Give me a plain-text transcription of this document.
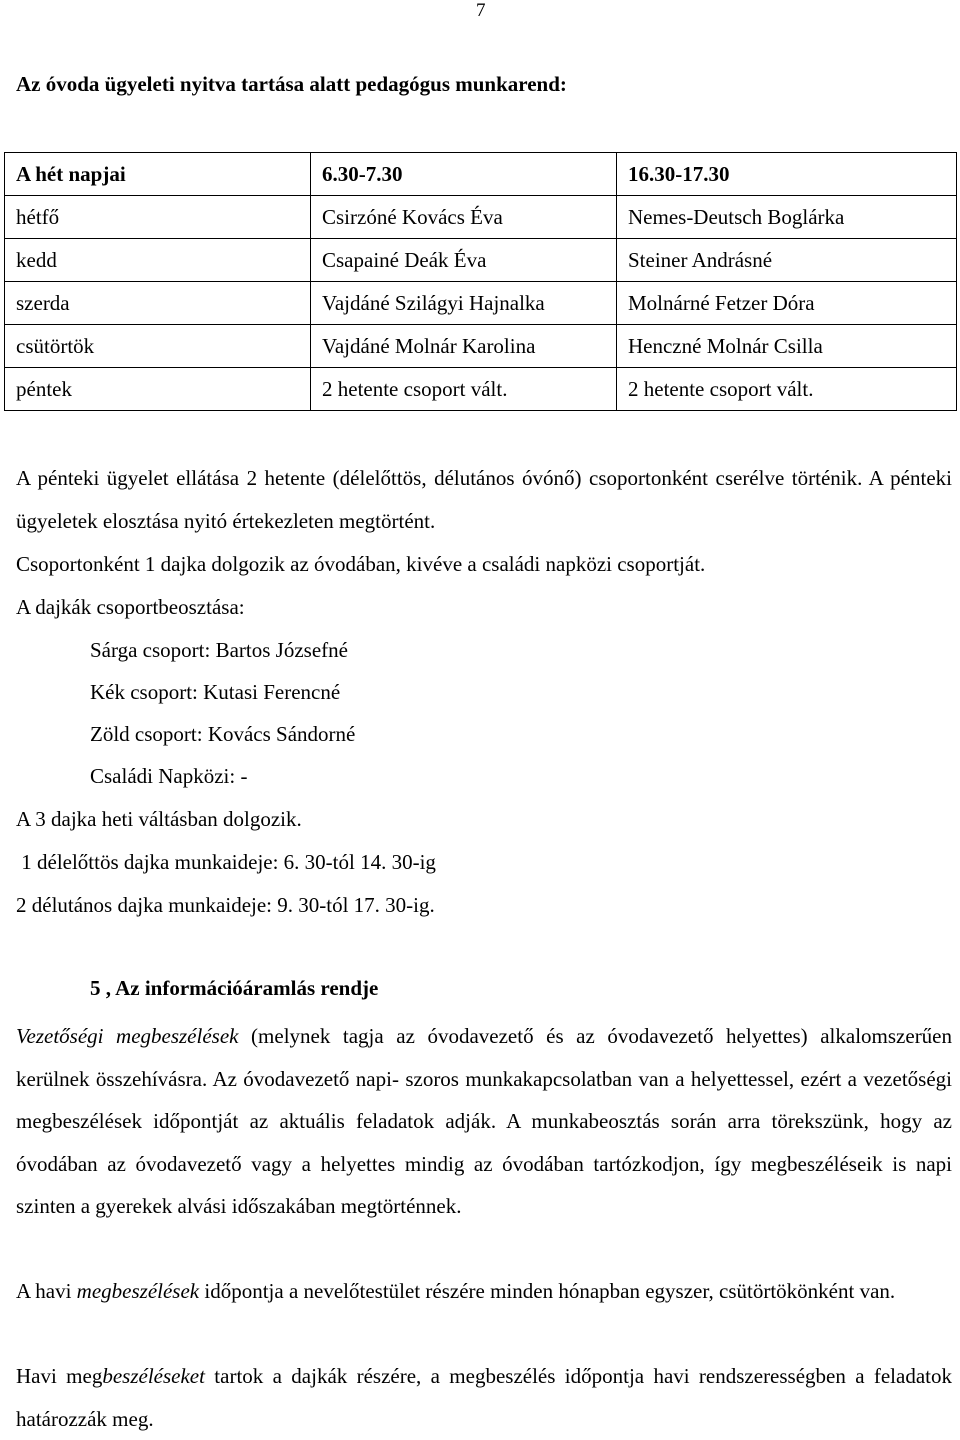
7
Az óvoda ügyeleti nyitva tartása alatt pedagógus munkarend:
A hét napjai	6.30-7.30	16.30-17.30
hétfő	Csirzóné Kovács Éva	Nemes-Deutsch Boglárka
kedd	Csapainé Deák Éva	Steiner Andrásné
szerda	Vajdáné Szilágyi Hajnalka	Molnárné Fetzer Dóra
csütörtök	Vajdáné Molnár Karolina	Henczné Molnár Csilla
péntek	2 hetente csoport vált.	2 hetente csoport vált.
A pénteki ügyelet ellátása 2 hetente (délelőttös, délutános óvónő) csoportonként cserélve történik. A pénteki ügyeletek elosztása nyitó értekezleten megtörtént.
Csoportonként 1 dajka dolgozik az óvodában, kivéve a családi napközi csoportját.
A dajkák csoportbeosztása:
Sárga csoport: Bartos Józsefné
Kék csoport: Kutasi Ferencné
Zöld csoport: Kovács Sándorné
Családi Napközi: -
A 3 dajka heti váltásban dolgozik.
1 délelőttös dajka munkaideje: 6. 30-tól 14. 30-ig
2 délutános dajka munkaideje: 9. 30-tól 17. 30-ig.
5 , Az információáramlás rendje
Vezetőségi megbeszélések (melynek tagja az óvodavezető és az óvodavezető helyettes) alkalomszerűen kerülnek összehívásra. Az óvodavezető napi- szoros munkakapcsolatban van a helyettessel, ezért a vezetőségi megbeszélések időpontját az aktuális feladatok adják. A munkabeosztás során arra törekszünk, hogy az óvodában az óvodavezető vagy a helyettes mindig az óvodában tartózkodjon, így megbeszéléseik is napi szinten a gyerekek alvási időszakában megtörténnek.
A havi megbeszélések időpontja a nevelőtestület részére minden hónapban egyszer, csütörtökönként van.
Havi megbeszéléseket tartok a dajkák részére, a megbeszélés időpontja havi rendszerességben a feladatok határozzák meg.
